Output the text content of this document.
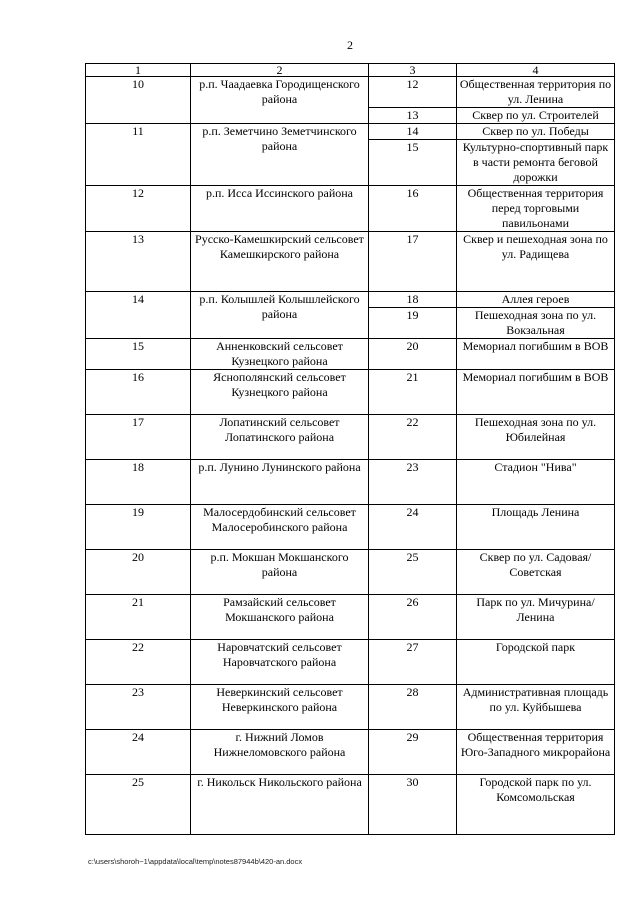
2
1	2	3	4
10	р.п. Чаадаевка Городищенского района	12	Общественная территория по ул. Ленина
		13	Сквер по ул. Строителей
11	р.п. Земетчино Земетчинского района	14	Сквер по ул. Победы
		15	Культурно-спортивный парк в части ремонта беговой дорожки
12	р.п. Исса Иссинского района	16	Общественная территория перед торговыми павильонами
13	Русско-Камешкирский сельсовет Камешкирского района	17	Сквер и пешеходная зона по ул. Радищева
14	р.п. Колышлей Колышлейского района	18	Аллея героев
		19	Пешеходная зона по ул. Вокзальная
15	Анненковский сельсовет Кузнецкого района	20	Мемориал погибшим в ВОВ
16	Яснополянский сельсовет Кузнецкого района	21	Мемориал погибшим в ВОВ
17	Лопатинский сельсовет Лопатинского района	22	Пешеходная зона по ул. Юбилейная
18	р.п. Лунино Лунинского района	23	Стадион "Нива"
19	Малосердобинский сельсовет Малосеробинского района	24	Площадь Ленина
20	р.п. Мокшан Мокшанского района	25	Сквер по ул. Садовая/Советская
21	Рамзайский сельсовет Мокшанского района	26	Парк по ул. Мичурина/Ленина
22	Наровчатский сельсовет Наровчатского района	27	Городской парк
23	Неверкинский сельсовет Неверкинского района	28	Административная площадь по ул. Куйбышева
24	г. Нижний Ломов Нижнеломовского района	29	Общественная территория Юго-Западного микрорайона
25	г. Никольск Никольского района	30	Городской парк по ул. Комсомольская
c:\users\shoroh~1\appdata\local\temp\notes87944b\420-an.docx
